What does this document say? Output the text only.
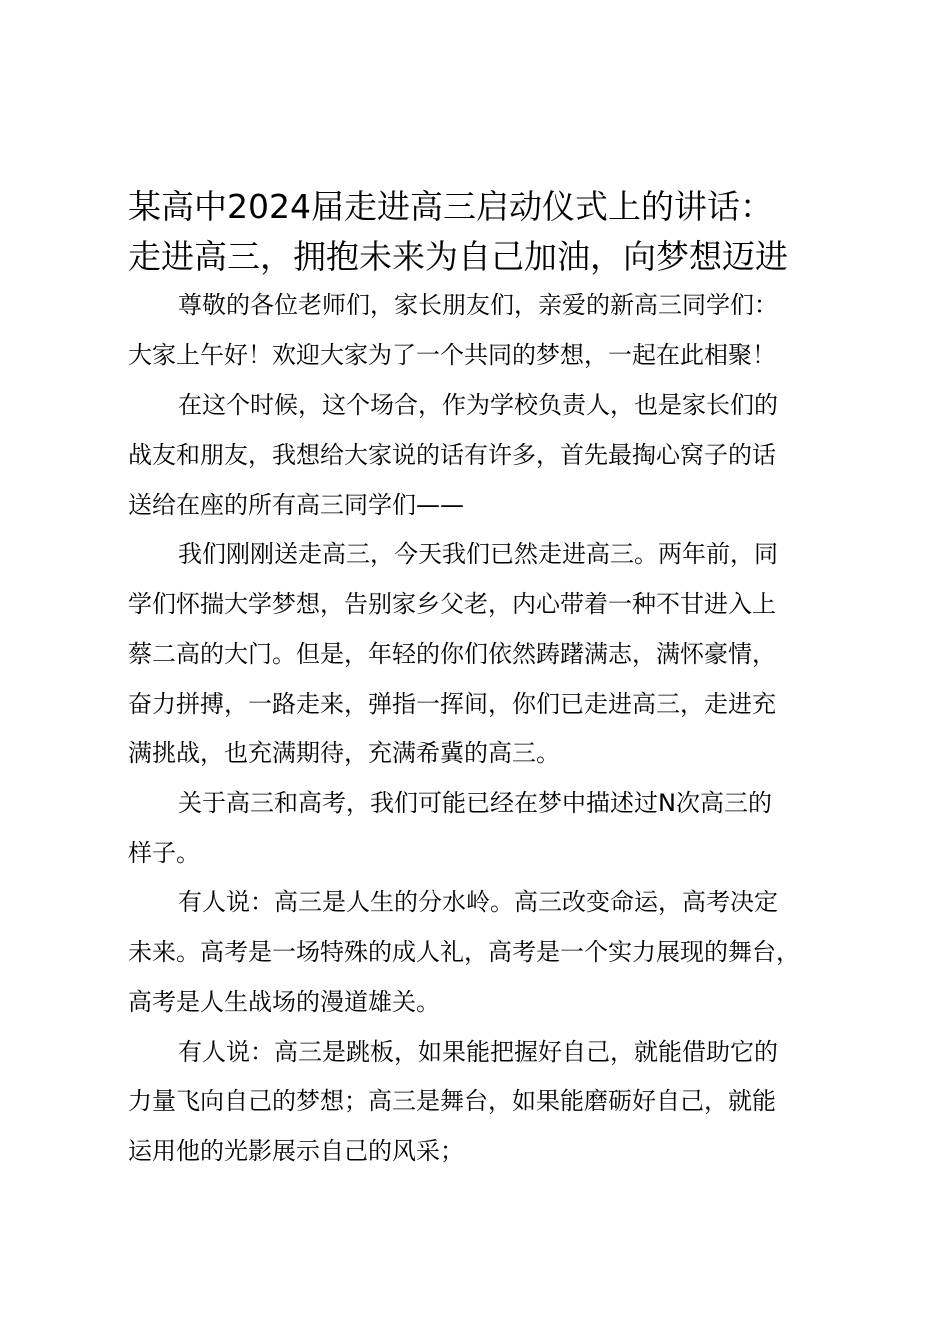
某高中2024届走进高三启动仪式上的讲话：
走进高三，拥抱未来为自己加油，向梦想迈进
尊敬的各位老师们，家长朋友们，亲爱的新高三同学们：
大家上午好！欢迎大家为了一个共同的梦想，一起在此相聚！
在这个时候，这个场合，作为学校负责人，也是家长们的
战友和朋友，我想给大家说的话有许多，首先最掏心窝子的话
送给在座的所有高三同学们——
我们刚刚送走高三，今天我们已然走进高三。两年前，同
学们怀揣大学梦想，告别家乡父老，内心带着一种不甘进入上
蔡二高的大门。但是，年轻的你们依然踌躇满志，满怀豪情，
奋力拼搏，一路走来，弹指一挥间，你们已走进高三，走进充
满挑战，也充满期待，充满希冀的高三。
关于高三和高考，我们可能已经在梦中描述过N次高三的
样子。
有人说：高三是人生的分水岭。高三改变命运，高考决定
未来。高考是一场特殊的成人礼，高考是一个实力展现的舞台，
高考是人生战场的漫道雄关。
有人说：高三是跳板，如果能把握好自己，就能借助它的
力量飞向自己的梦想；高三是舞台，如果能磨砺好自己，就能
运用他的光影展示自己的风采；
